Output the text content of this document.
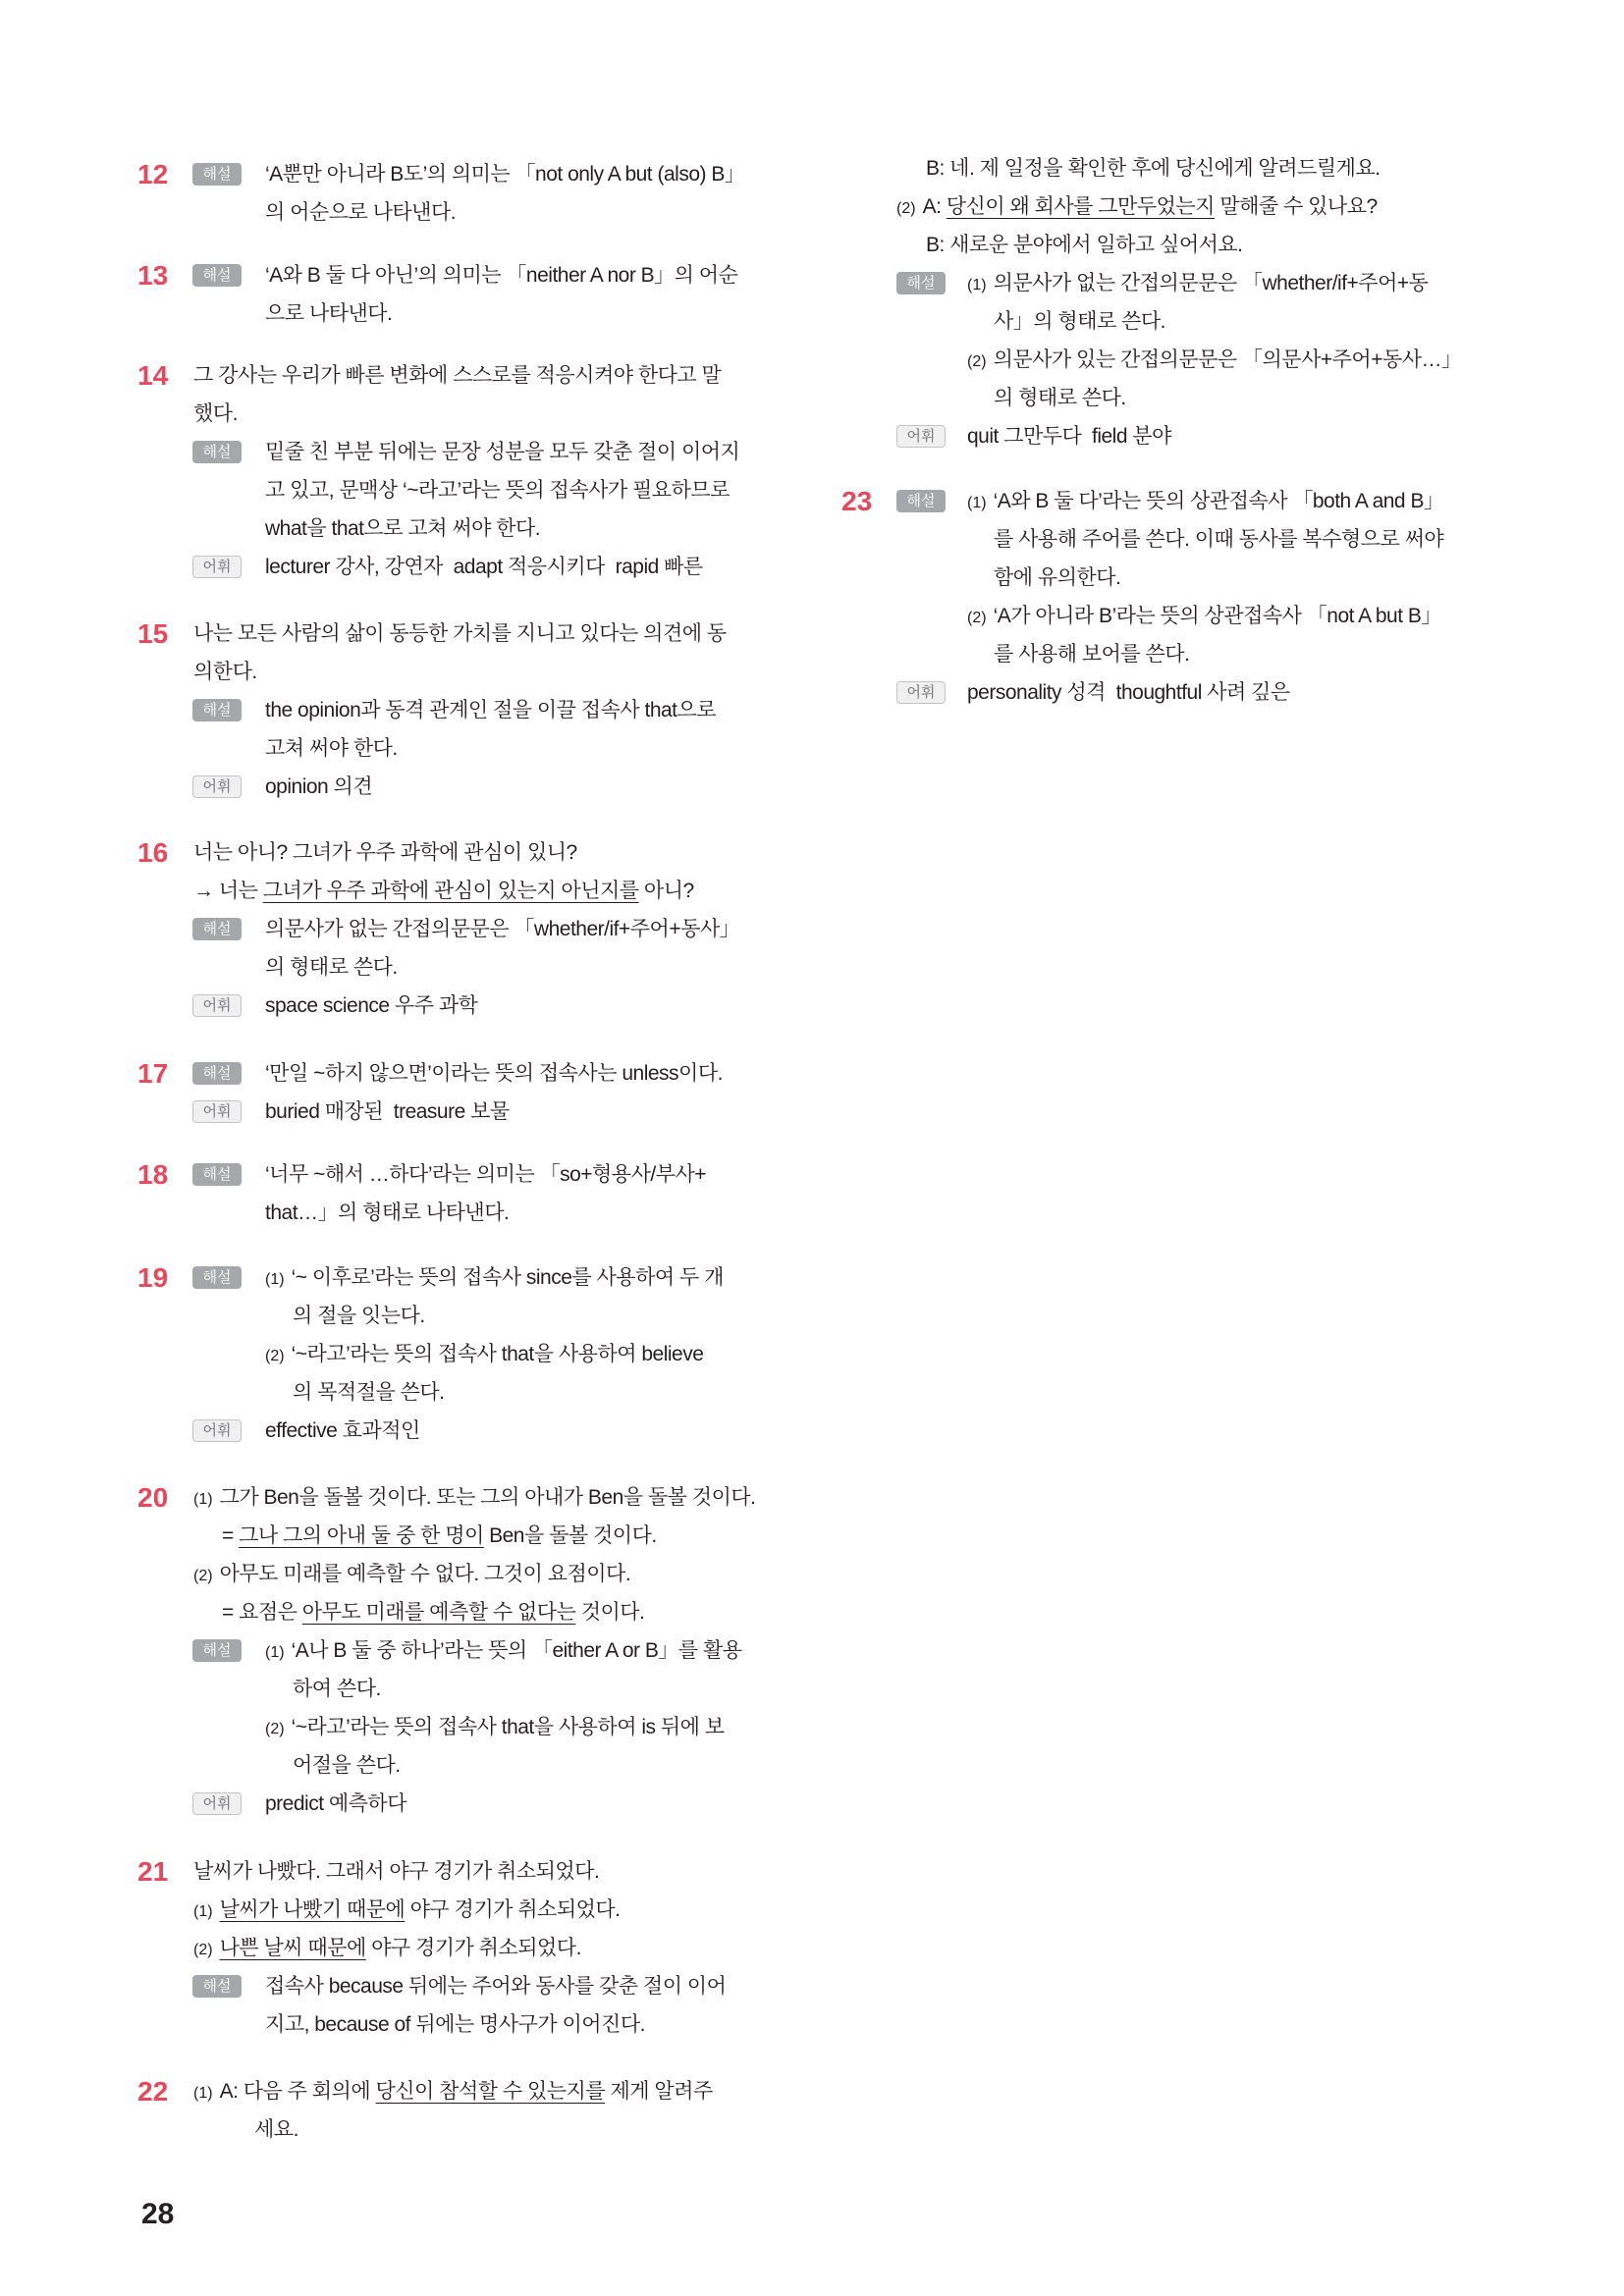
12	해설	‘A뿐만 아니라 B도’의 의미는 「not only A but (also) B」
의 어순으로 나타낸다.
13	해설	‘A와 B 둘 다 아닌’의 의미는 「neither A nor B」의 어순
으로 나타낸다.
14 그 강사는 우리가 빠른 변화에 스스로를 적응시켜야 한다고 말
했다.
해설	밑줄 친 부분 뒤에는 문장 성분을 모두 갖춘 절이 이어지
고 있고, 문맥상 ‘~라고’라는 뜻의 접속사가 필요하므로
what을 that으로 고쳐 써야 한다.
어휘	lecturer 강사, 강연자  adapt 적응시키다  rapid 빠른
15 나는 모든 사람의 삶이 동등한 가치를 지니고 있다는 의견에 동
의한다.
해설	the opinion과 동격 관계인 절을 이끌 접속사 that으로
고쳐 써야 한다.
어휘	opinion 의견
16 너는 아니? 그녀가 우주 과학에 관심이 있니?
→ 너는 그녀가 우주 과학에 관심이 있는지 아닌지를 아니?
해설	의문사가 없는 간접의문문은 「whether/if+주어+동사」
의 형태로 쓴다.
어휘	space science 우주 과학
17	해설	‘만일 ~하지 않으면’이라는 뜻의 접속사는 unless이다.
어휘	buried 매장된  treasure 보물
18	해설	‘너무 ~해서 …하다’라는 의미는 「so+형용사/부사+
that…」의 형태로 나타낸다.
19	해설	(1) ‘~ 이후로’라는 뜻의 접속사 since를 사용하여 두 개
의 절을 잇는다.
(2) ‘~라고’라는 뜻의 접속사 that을 사용하여 believe
의 목적절을 쓴다.
어휘	effective 효과적인
20 (1) 그가 Ben을 돌볼 것이다. 또는 그의 아내가 Ben을 돌볼 것이다.
= 그나 그의 아내 둘 중 한 명이 Ben을 돌볼 것이다.
(2) 아무도 미래를 예측할 수 없다. 그것이 요점이다.
= 요점은 아무도 미래를 예측할 수 없다는 것이다.
해설	(1) ‘A나 B 둘 중 하나’라는 뜻의 「either A or B」를 활용
하여 쓴다.
(2) ‘~라고’라는 뜻의 접속사 that을 사용하여 is 뒤에 보
어절을 쓴다.
어휘	predict 예측하다
21 날씨가 나빴다. 그래서 야구 경기가 취소되었다.
(1) 날씨가 나빴기 때문에 야구 경기가 취소되었다.
(2) 나쁜 날씨 때문에 야구 경기가 취소되었다.
해설	접속사 because 뒤에는 주어와 동사를 갖춘 절이 이어
지고, because of 뒤에는 명사구가 이어진다.
22 (1) A: 다음 주 회의에 당신이 참석할 수 있는지를 제게 알려주
세요.
B: 네. 제 일정을 확인한 후에 당신에게 알려드릴게요.
(2) A: 당신이 왜 회사를 그만두었는지 말해줄 수 있나요?
B: 새로운 분야에서 일하고 싶어서요.
해설	(1) 의문사가 없는 간접의문문은 「whether/if+주어+동
사」의 형태로 쓴다.
(2) 의문사가 있는 간접의문문은 「의문사+주어+동사…」
의 형태로 쓴다.
어휘	quit 그만두다  field 분야
23	해설	(1) ‘A와 B 둘 다’라는 뜻의 상관접속사 「both A and B」
를 사용해 주어를 쓴다. 이때 동사를 복수형으로 써야
함에 유의한다.
(2) ‘A가 아니라 B’라는 뜻의 상관접속사 「not A but B」
를 사용해 보어를 쓴다.
어휘	personality 성격  thoughtful 사려 깊은
28
